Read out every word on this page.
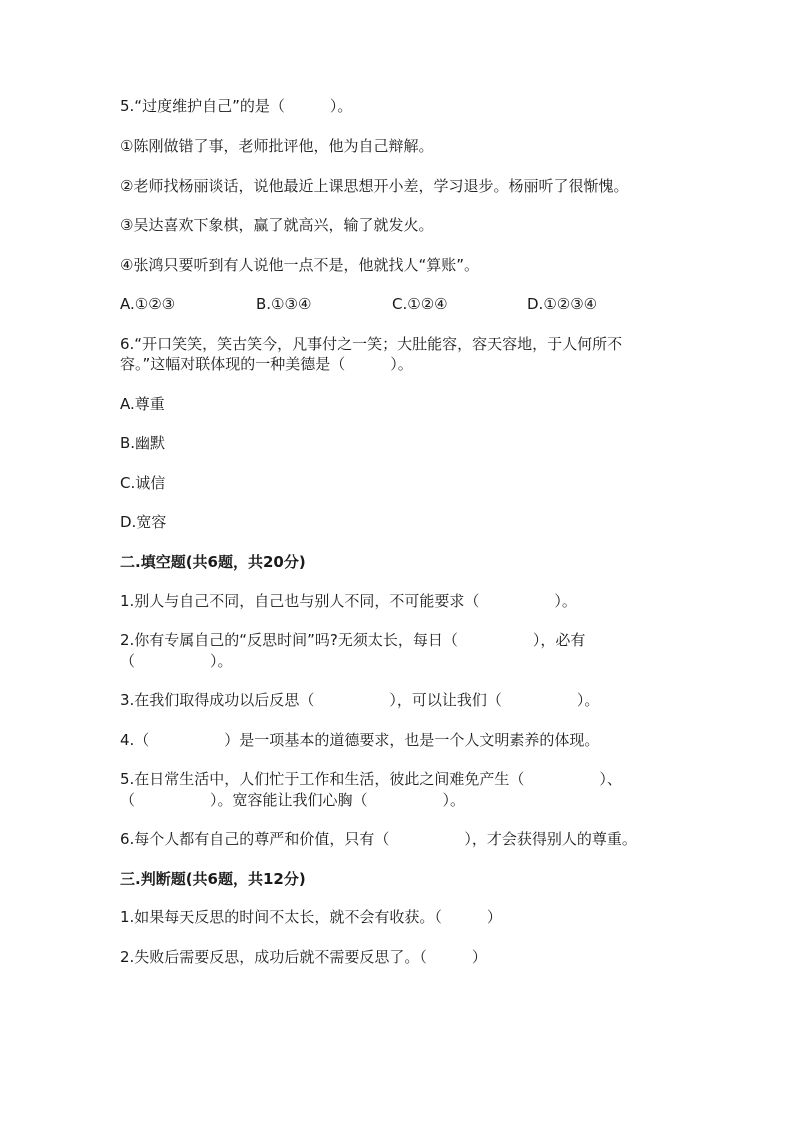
5.“过度维护自己”的是（　　　）。
①陈刚做错了事，老师批评他，他为自己辩解。
②老师找杨丽谈话，说他最近上课思想开小差，学习退步。杨丽听了很惭愧。
③吴达喜欢下象棋，赢了就高兴，输了就发火。
④张鸿只要听到有人说他一点不是，他就找人“算账”。
A.①②③	B.①③④	C.①②④	D.①②③④
6.“开口笑笑，笑古笑今，凡事付之一笑；大肚能容，容天容地，于人何所不
容。”这幅对联体现的一种美德是（　　　）。
A.尊重
B.幽默
C.诚信
D.宽容
二.填空题(共6题，共20分)
1.别人与自己不同，自己也与别人不同，不可能要求（　　　　　）。
2.你有专属自己的“反思时间”吗?无须太长，每日（　　　　　），必有
（　　　　　）。
3.在我们取得成功以后反思（　　　　　），可以让我们（　　　　　）。
4.（　　　　　）是一项基本的道德要求，也是一个人文明素养的体现。
5.在日常生活中，人们忙于工作和生活，彼此之间难免产生（　　　　　）、
（　　　　　）。宽容能让我们心胸（　　　　　）。
6.每个人都有自己的尊严和价值，只有（　　　　　），才会获得别人的尊重。
三.判断题(共6题，共12分)
1.如果每天反思的时间不太长，就不会有收获。（　　　）
2.失败后需要反思，成功后就不需要反思了。（　　　）
